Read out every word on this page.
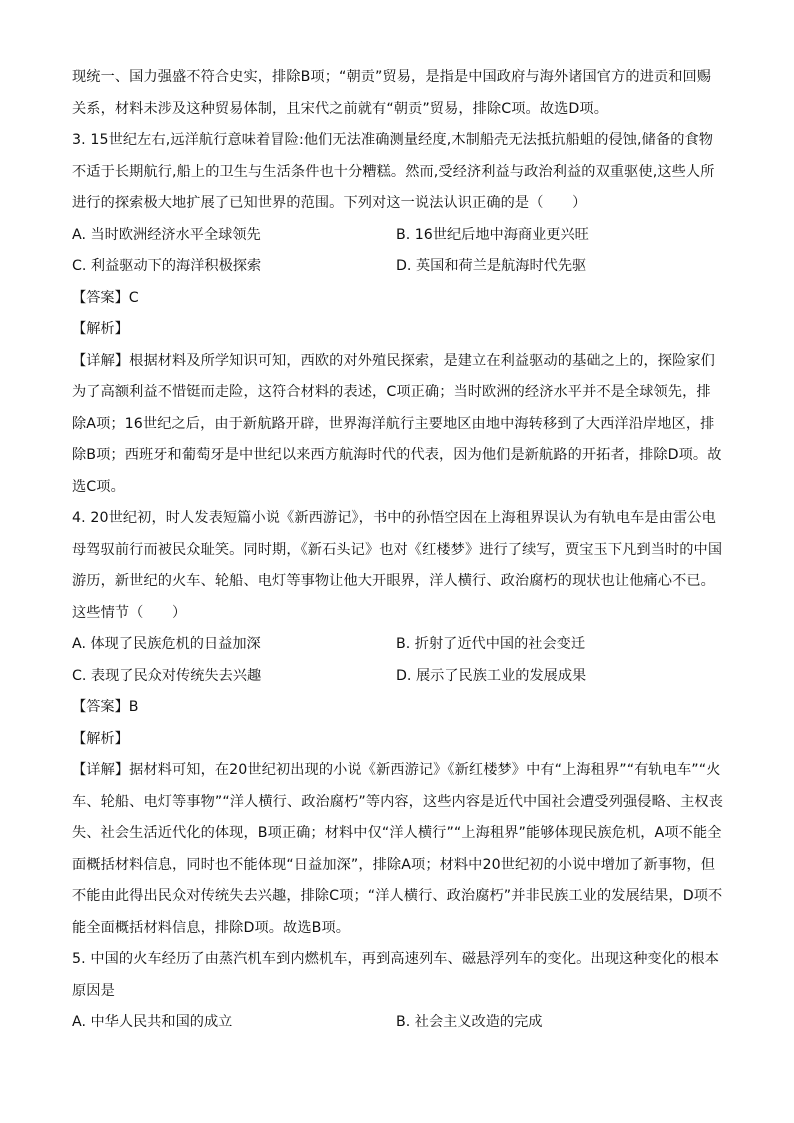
现统一、国力强盛不符合史实，排除B项；“朝贡”贸易，是指是中国政府与海外诸国官方的进贡和回赐关系，材料未涉及这种贸易体制，且宋代之前就有“朝贡”贸易，排除C项。故选D项。

3. 15世纪左右,远洋航行意味着冒险:他们无法准确测量经度,木制船壳无法抵抗船蛆的侵蚀,储备的食物不适于长期航行,船上的卫生与生活条件也十分糟糕。然而,受经济利益与政治利益的双重驱使,这些人所进行的探索极大地扩展了已知世界的范围。下列对这一说法认识正确的是（　　）

A. 当时欧洲经济水平全球领先	B. 16世纪后地中海商业更兴旺
C. 利益驱动下的海洋积极探索	D. 英国和荷兰是航海时代先驱
【答案】C
【解析】

【详解】根据材料及所学知识可知，西欧的对外殖民探索，是建立在利益驱动的基础之上的，探险家们为了高额利益不惜铤而走险，这符合材料的表述，C项正确；当时欧洲的经济水平并不是全球领先，排除A项；16世纪之后，由于新航路开辟，世界海洋航行主要地区由地中海转移到了大西洋沿岸地区，排除B项；西班牙和葡萄牙是中世纪以来西方航海时代的代表，因为他们是新航路的开拓者，排除D项。故选C项。

4. 20世纪初，时人发表短篇小说《新西游记》，书中的孙悟空因在上海租界误认为有轨电车是由雷公电母驾驭前行而被民众耻笑。同时期，《新石头记》也对《红楼梦》进行了续写，贾宝玉下凡到当时的中国游历，新世纪的火车、轮船、电灯等事物让他大开眼界，洋人横行、政治腐朽的现状也让他痛心不已。这些情节（　　）

A. 体现了民族危机的日益加深	B. 折射了近代中国的社会变迁
C. 表现了民众对传统失去兴趣	D. 展示了民族工业的发展成果
【答案】B
【解析】

【详解】据材料可知，在20世纪初出现的小说《新西游记》《新红楼梦》中有“上海租界”“有轨电车”“火车、轮船、电灯等事物”“洋人横行、政治腐朽”等内容，这些内容是近代中国社会遭受列强侵略、主权丧失、社会生活近代化的体现，B项正确；材料中仅“洋人横行”“上海租界”能够体现民族危机，A项不能全面概括材料信息，同时也不能体现“日益加深”，排除A项；材料中20世纪初的小说中增加了新事物，但不能由此得出民众对传统失去兴趣，排除C项；“洋人横行、政治腐朽”并非民族工业的发展结果，D项不能全面概括材料信息，排除D项。故选B项。

5. 中国的火车经历了由蒸汽机车到内燃机车，再到高速列车、磁悬浮列车的变化。出现这种变化的根本原因是

A. 中华人民共和国的成立	B. 社会主义改造的完成
